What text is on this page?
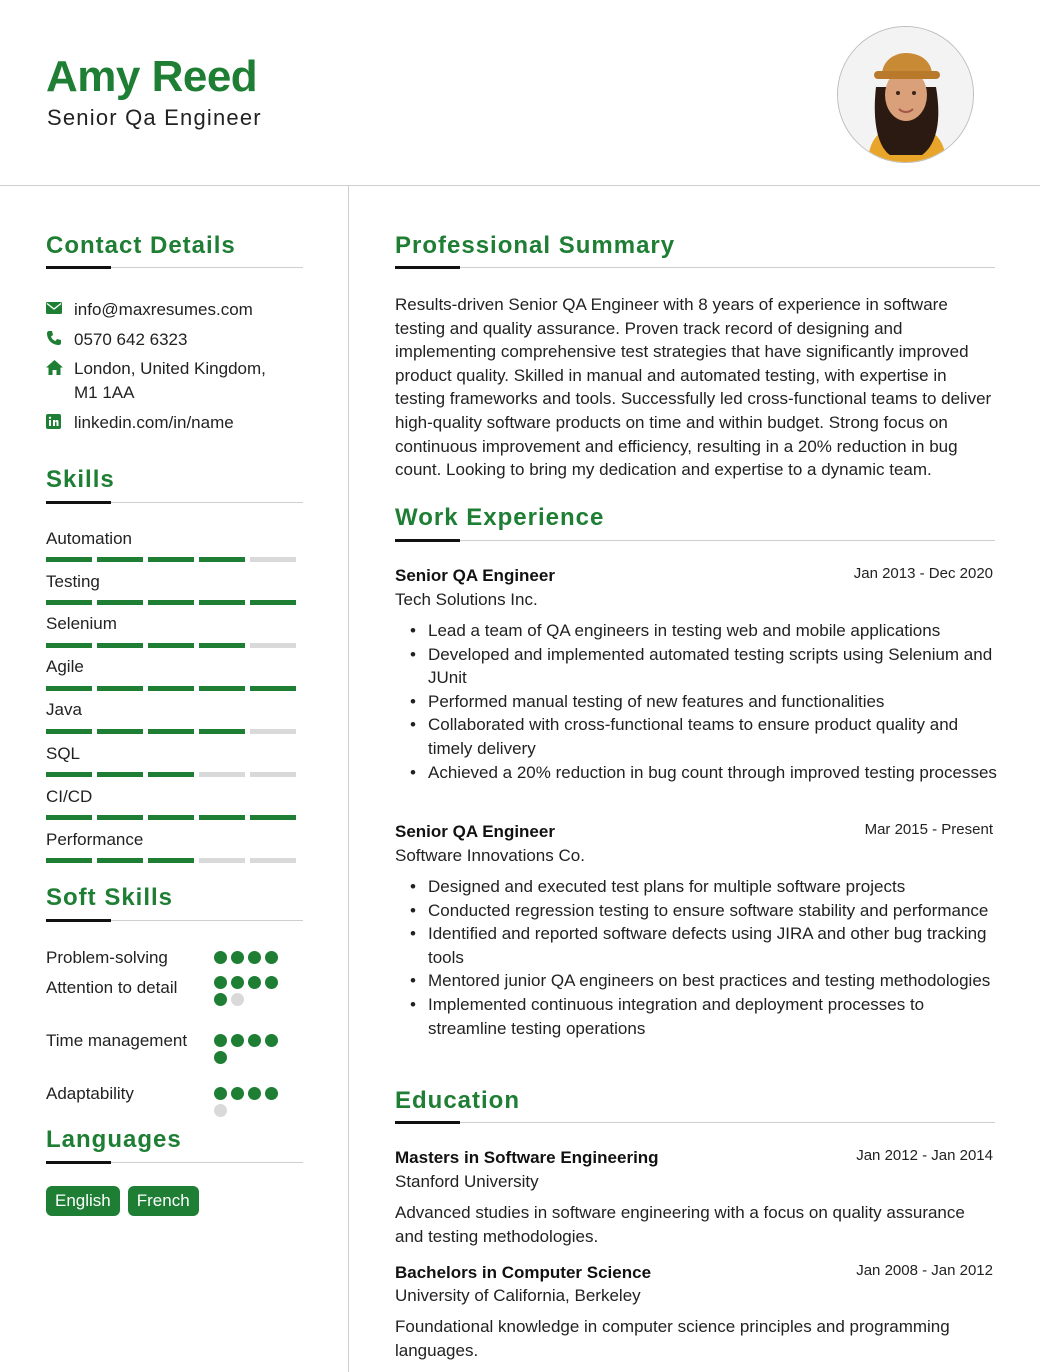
Amy Reed
Senior Qa Engineer
Contact Details
info@maxresumes.com
0570 642 6323
London, United Kingdom, M1 1AA
linkedin.com/in/name
Skills
Automation
Testing
Selenium
Agile
Java
SQL
CI/CD
Performance
Soft Skills
Problem-solving
Attention to detail
Time management
Adaptability
Languages
English	French
Professional Summary
Results-driven Senior QA Engineer with 8 years of experience in software testing and quality assurance. Proven track record of designing and implementing comprehensive test strategies that have significantly improved product quality. Skilled in manual and automated testing, with expertise in testing frameworks and tools. Successfully led cross-functional teams to deliver high-quality software products on time and within budget. Strong focus on continuous improvement and efficiency, resulting in a 20% reduction in bug count. Looking to bring my dedication and expertise to a dynamic team.
Work Experience
Senior QA Engineer	Jan 2013 - Dec 2020
Tech Solutions Inc.
• Lead a team of QA engineers in testing web and mobile applications
• Developed and implemented automated testing scripts using Selenium and JUnit
• Performed manual testing of new features and functionalities
• Collaborated with cross-functional teams to ensure product quality and timely delivery
• Achieved a 20% reduction in bug count through improved testing processes
Senior QA Engineer	Mar 2015 - Present
Software Innovations Co.
• Designed and executed test plans for multiple software projects
• Conducted regression testing to ensure software stability and performance
• Identified and reported software defects using JIRA and other bug tracking tools
• Mentored junior QA engineers on best practices and testing methodologies
• Implemented continuous integration and deployment processes to streamline testing operations
Education
Masters in Software Engineering	Jan 2012 - Jan 2014
Stanford University
Advanced studies in software engineering with a focus on quality assurance and testing methodologies.
Bachelors in Computer Science	Jan 2008 - Jan 2012
University of California, Berkeley
Foundational knowledge in computer science principles and programming languages.
